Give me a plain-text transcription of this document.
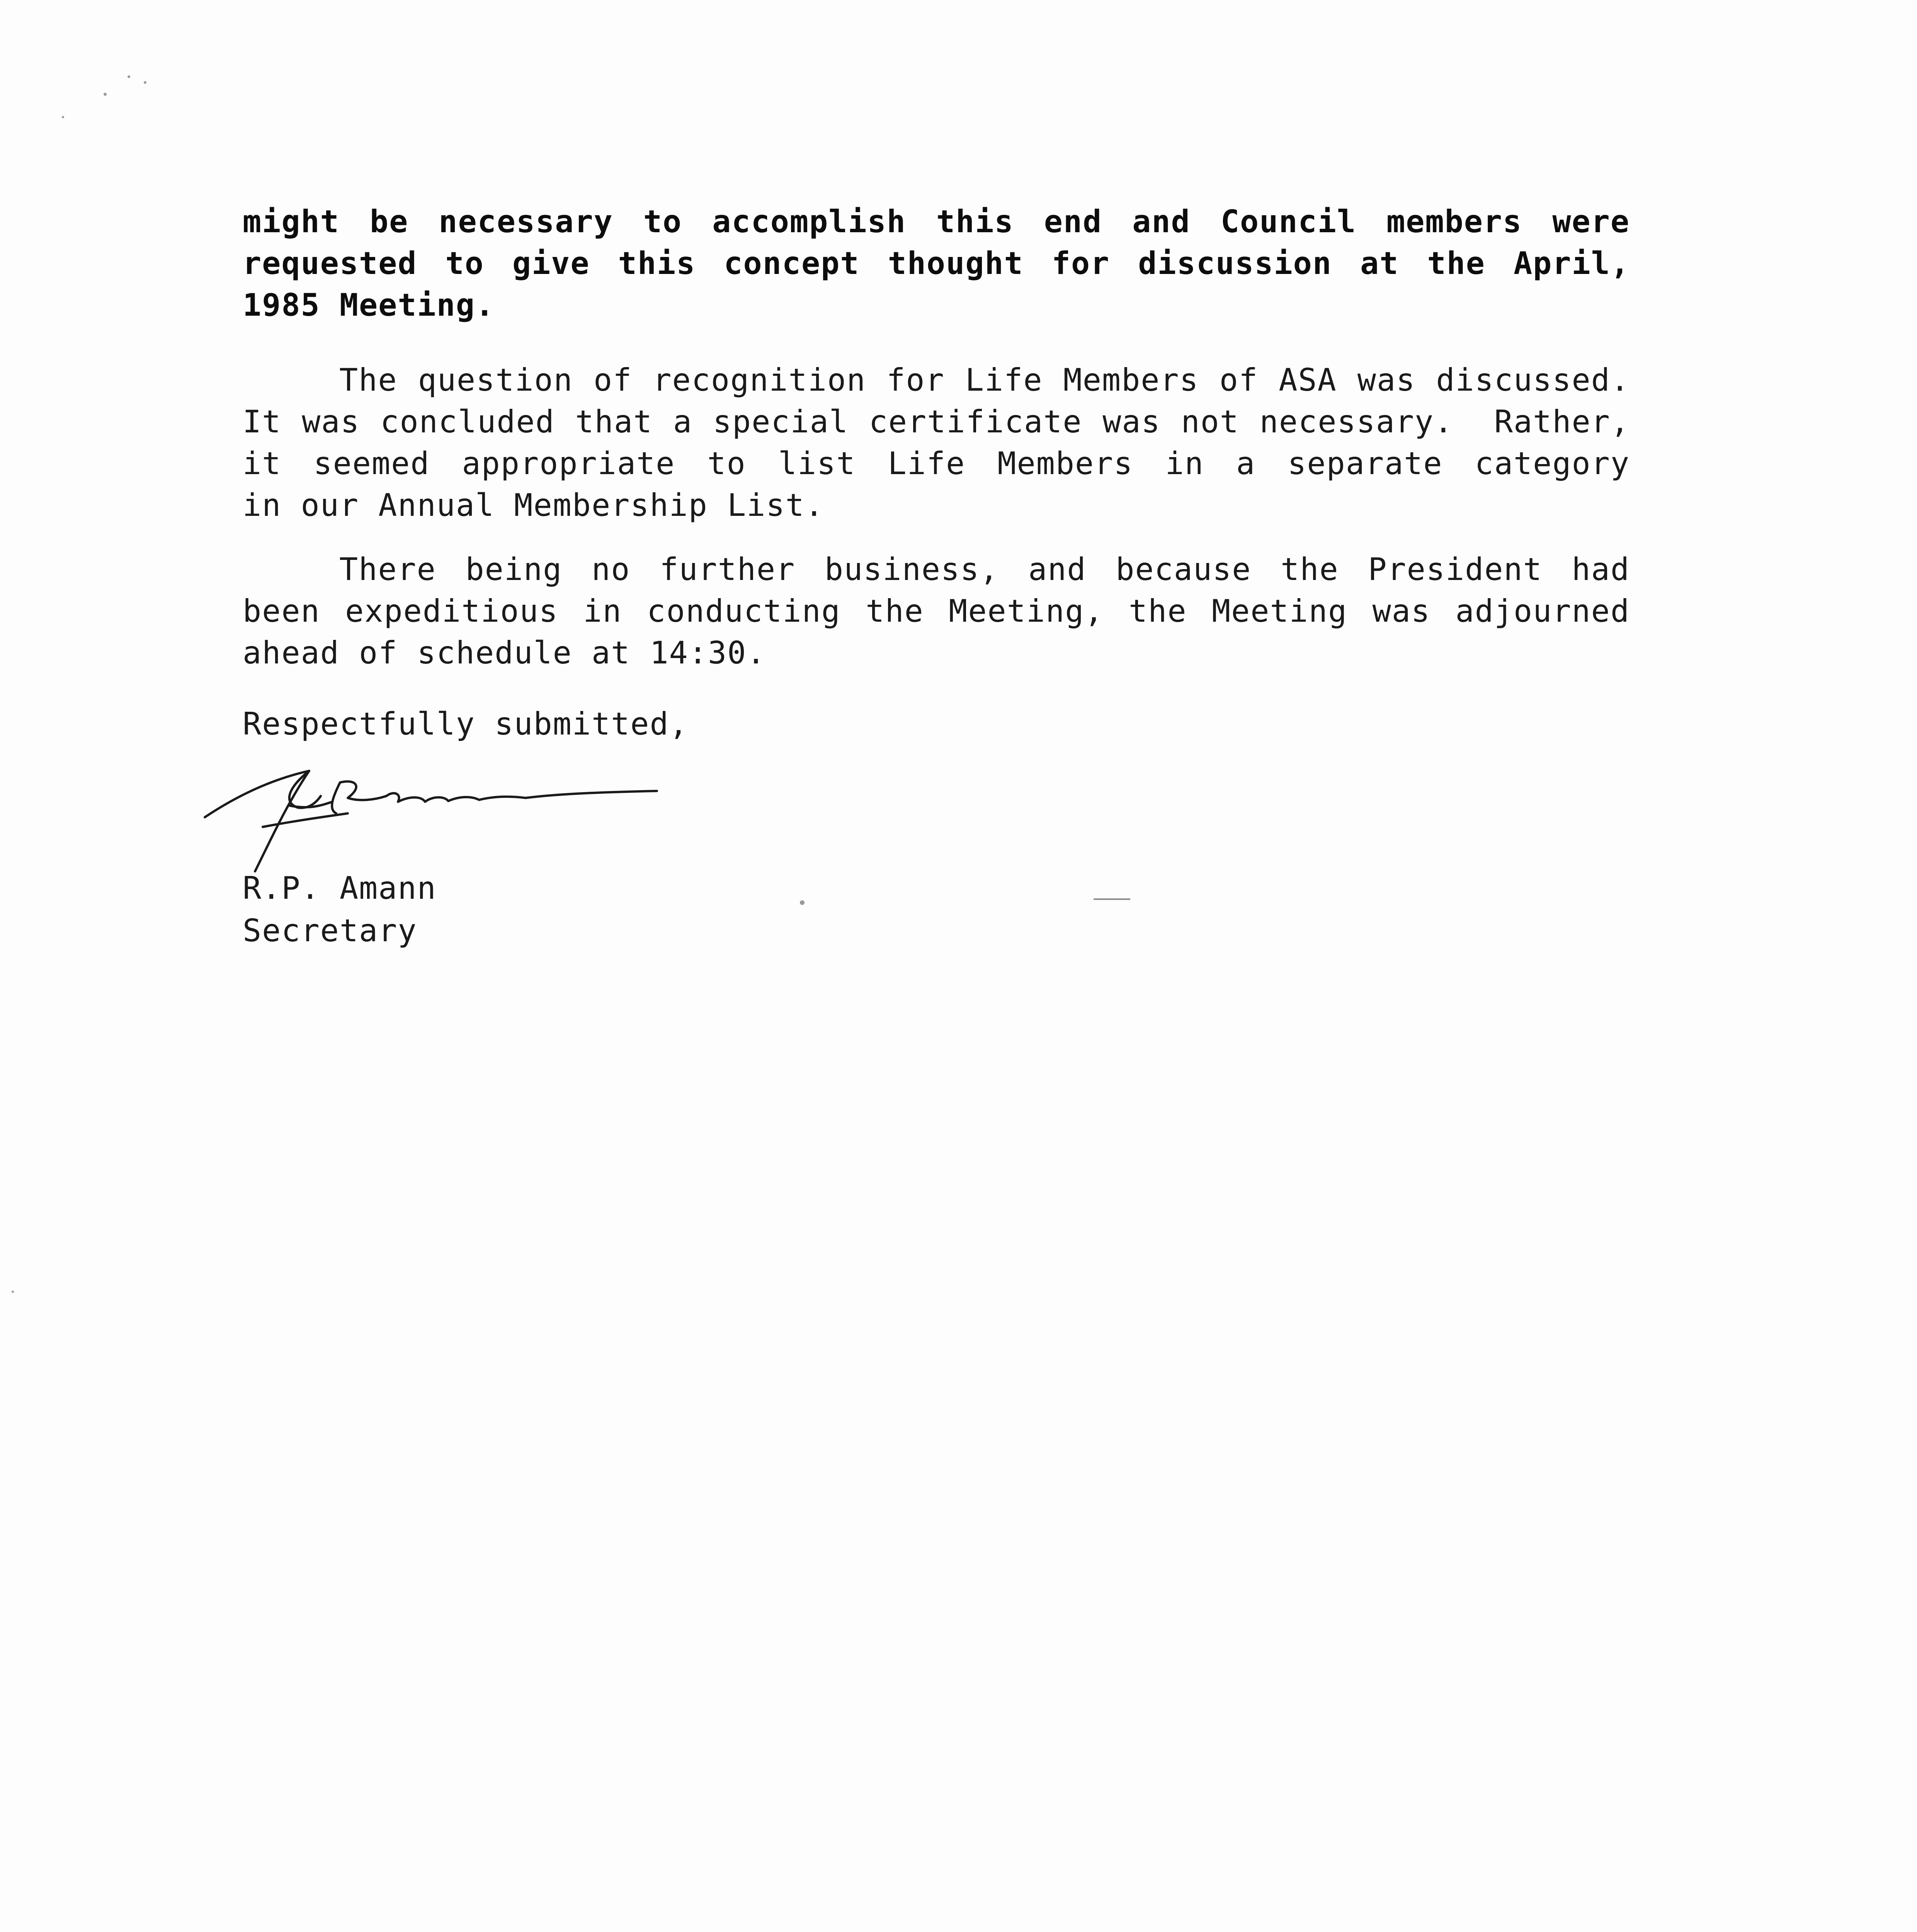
might be necessary to accomplish this end and Council members were
requested to give this concept thought for discussion at the April,
1985 Meeting.
The question of recognition for Life Members of ASA was discussed.
It was concluded that a special certificate was not necessary.  Rather,
it seemed appropriate to list Life Members in a separate category
in our Annual Membership List.
There being no further business, and because the President had
been expeditious in conducting the Meeting, the Meeting was adjourned
ahead of schedule at 14:30.
Respectfully submitted,
R.P. Amann
Secretary
